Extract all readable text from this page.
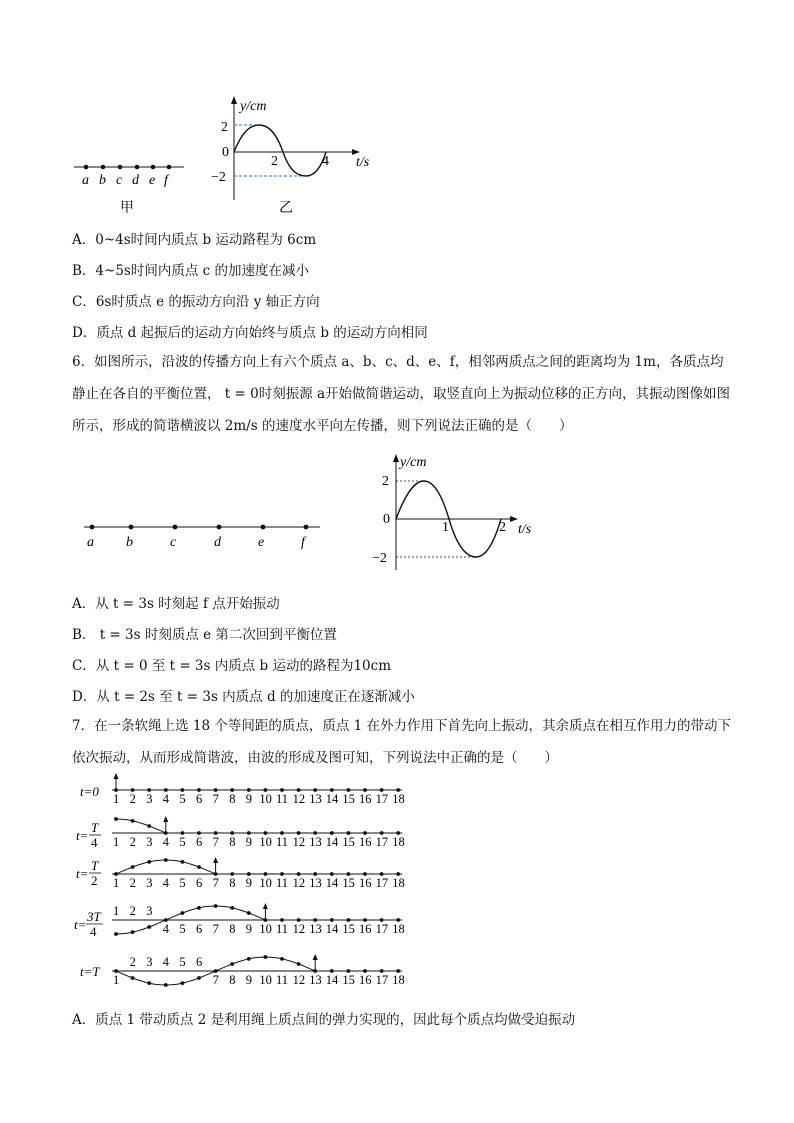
a b c d e f
甲
y/cm
t/s
2
0
−2
2	4
乙
A．0~4s时间内质点 b 运动路程为 6cm
B．4~5s时间内质点 c 的加速度在减小
C．6s时质点 e 的振动方向沿 y 轴正方向
D．质点 d 起振后的运动方向始终与质点 b 的运动方向相同
6．如图所示，沿波的传播方向上有六个质点 a、b、c、d、e、f，相邻两质点之间的距离均为 1m，各质点均静止在各自的平衡位置， t = 0时刻振源 a开始做简谐运动，取竖直向上为振动位移的正方向，其振动图像如图所示，形成的简谐横波以 2m/s 的速度水平向左传播，则下列说法正确的是（　　）
a b	c	d	e	f
y/cm
t/s
2
0
−2
1	2
A．从 t = 3s 时刻起 f 点开始振动
B． t = 3s 时刻质点 e 第二次回到平衡位置
C．从 t = 0 至 t = 3s 内质点 b 运动的路程为10cm
D．从 t = 2s 至 t = 3s 内质点 d 的加速度正在逐渐减小
7．在一条软绳上选 18 个等间距的质点，质点 1 在外力作用下首先向上振动，其余质点在相互作用力的带动下依次振动，从而形成简谐波，由波的形成及图可知，下列说法中正确的是（　　）
t=0
t=
T
4
t=
T
2
t=
3T
4
t=T
1 2 3 4 5 6 7 8 9 10 11 12 13 14 15 16 17 18
1 2 3 4 5 6 7 8 9 10 11 12 13 14 15 16 17 18
1 2 3 4 5 6 7 8 9 10 11 12 13 14 15 16 17 18
1 2 3
4 5 6 7 8 9 10 11 12 13 14 15 16 17 18
1
2 3 4 5 6
7 8 9 10 11 12 13 14 15 16 17 18
A．质点 1 带动质点 2 是利用绳上质点间的弹力实现的，因此每个质点均做受迫振动
